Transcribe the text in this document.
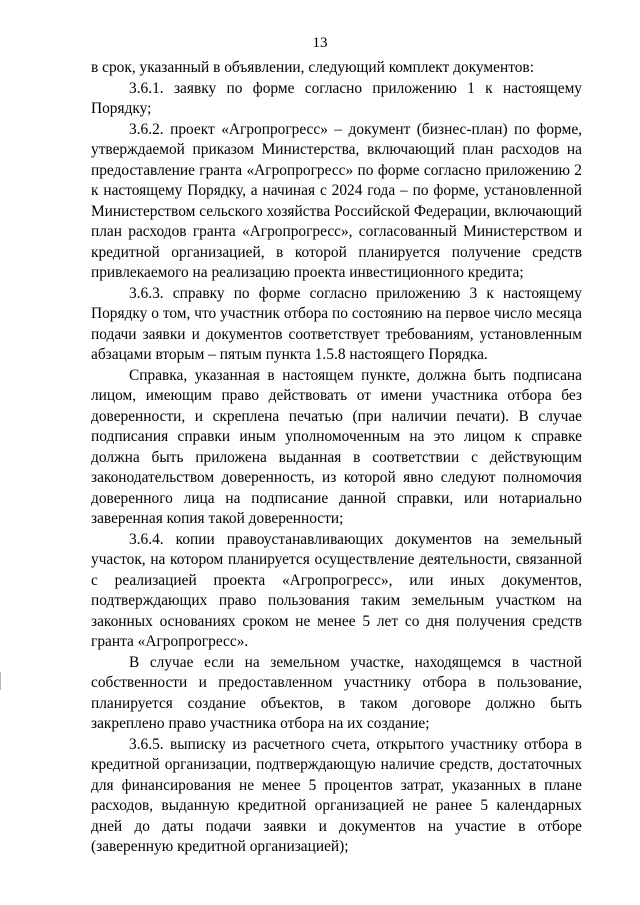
13

в срок, указанный в объявлении, следующий комплект документов:

3.6.1. заявку по форме согласно приложению 1 к настоящему Порядку;

3.6.2. проект «Агропрогресс» – документ (бизнес-план) по форме, утверждаемой приказом Министерства, включающий план расходов на предоставление гранта «Агропрогресс» по форме согласно приложению 2 к настоящему Порядку, а начиная с 2024 года – по форме, установленной Министерством сельского хозяйства Российской Федерации, включающий план расходов гранта «Агропрогресс», согласованный Министерством и кредитной организацией, в которой планируется получение средств привлекаемого на реализацию проекта инвестиционного кредита;

3.6.3. справку по форме согласно приложению 3 к настоящему Порядку о том, что участник отбора по состоянию на первое число месяца подачи заявки и документов соответствует требованиям, установленным абзацами вторым – пятым пункта 1.5.8 настоящего Порядка.

Справка, указанная в настоящем пункте, должна быть подписана лицом, имеющим право действовать от имени участника отбора без доверенности, и скреплена печатью (при наличии печати). В случае подписания справки иным уполномоченным на это лицом к справке должна быть приложена выданная в соответствии с действующим законодательством доверенность, из которой явно следуют полномочия доверенного лица на подписание данной справки, или нотариально заверенная копия такой доверенности;

3.6.4. копии правоустанавливающих документов на земельный участок, на котором планируется осуществление деятельности, связанной с реализацией проекта «Агропрогресс», или иных документов, подтверждающих право пользования таким земельным участком на законных основаниях сроком не менее 5 лет со дня получения средств гранта «Агропрогресс».

В случае если на земельном участке, находящемся в частной собственности и предоставленном участнику отбора в пользование, планируется создание объектов, в таком договоре должно быть закреплено право участника отбора на их создание;

3.6.5. выписку из расчетного счета, открытого участнику отбора в кредитной организации, подтверждающую наличие средств, достаточных для финансирования не менее 5 процентов затрат, указанных в плане расходов, выданную кредитной организацией не ранее 5 календарных дней до даты подачи заявки и документов на участие в отборе (заверенную кредитной организацией);
